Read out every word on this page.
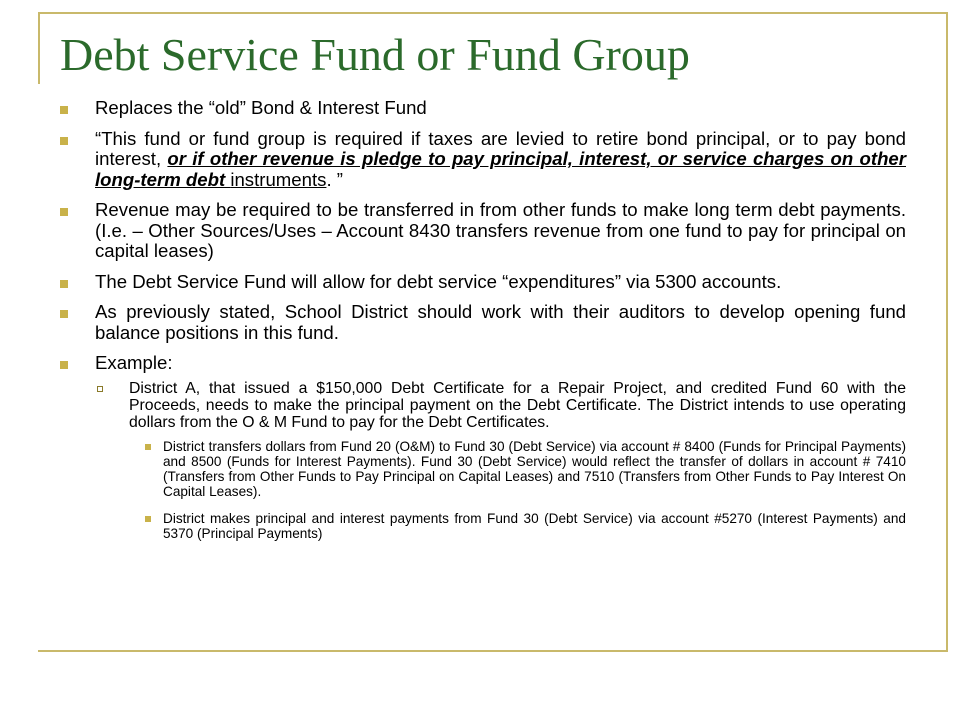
Debt Service Fund or Fund Group
Replaces the “old” Bond & Interest Fund
“This fund or fund group is required if taxes are levied to retire bond principal, or to pay bond interest, or if other revenue is pledge to pay principal, interest, or service charges on other long-term debt instruments. ”
Revenue may be required to be transferred in from other funds to make long term debt payments. (I.e. – Other Sources/Uses – Account 8430 transfers revenue from one fund to pay for principal on capital leases)
The Debt Service Fund will allow for debt service “expenditures” via 5300 accounts.
As previously stated, School District should work with their auditors to develop opening fund balance positions in this fund.
Example:
District A, that issued a $150,000 Debt Certificate for a Repair Project, and credited Fund 60 with the Proceeds, needs to make the principal payment on the Debt Certificate. The District intends to use operating dollars from the O & M Fund to pay for the Debt Certificates.
District transfers dollars from Fund 20 (O&M) to Fund 30 (Debt Service) via account # 8400 (Funds for Principal Payments) and 8500 (Funds for Interest Payments). Fund 30 (Debt Service) would reflect the transfer of dollars in account # 7410 (Transfers from Other Funds to Pay Principal on Capital Leases) and 7510 (Transfers from Other Funds to Pay Interest On Capital Leases).
District makes principal and interest payments from Fund 30 (Debt Service) via account #5270 (Interest Payments) and 5370 (Principal Payments)
